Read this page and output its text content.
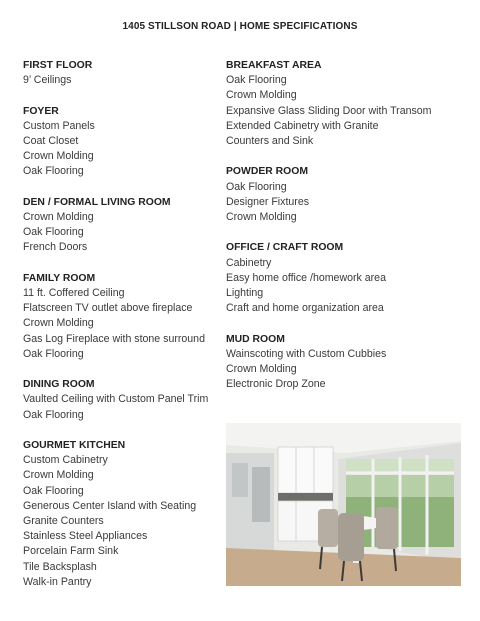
1405 STILLSON ROAD | HOME SPECIFICATIONS
FIRST FLOOR
9’ Ceilings
FOYER
Custom Panels
Coat Closet
Crown Molding
Oak Flooring
DEN / FORMAL LIVING ROOM
Crown Molding
Oak Flooring
French Doors
FAMILY ROOM
11 ft. Coffered Ceiling
Flatscreen TV outlet above fireplace
Crown Molding
Gas Log Fireplace with stone surround
Oak Flooring
DINING ROOM
Vaulted Ceiling with Custom Panel Trim
Oak Flooring
GOURMET KITCHEN
Custom Cabinetry
Crown Molding
Oak Flooring
Generous Center Island with Seating
Granite Counters
Stainless Steel Appliances
Porcelain Farm Sink
Tile Backsplash
Walk-in Pantry
BREAKFAST AREA
Oak Flooring
Crown Molding
Expansive Glass Sliding Door with Transom
Extended Cabinetry with Granite
Counters and Sink
POWDER ROOM
Oak Flooring
Designer Fixtures
Crown Molding
OFFICE / CRAFT ROOM
Cabinetry
Easy home office /homework area
Lighting
Craft and home organization area
MUD ROOM
Wainscoting with Custom Cubbies
Crown Molding
Electronic Drop Zone
